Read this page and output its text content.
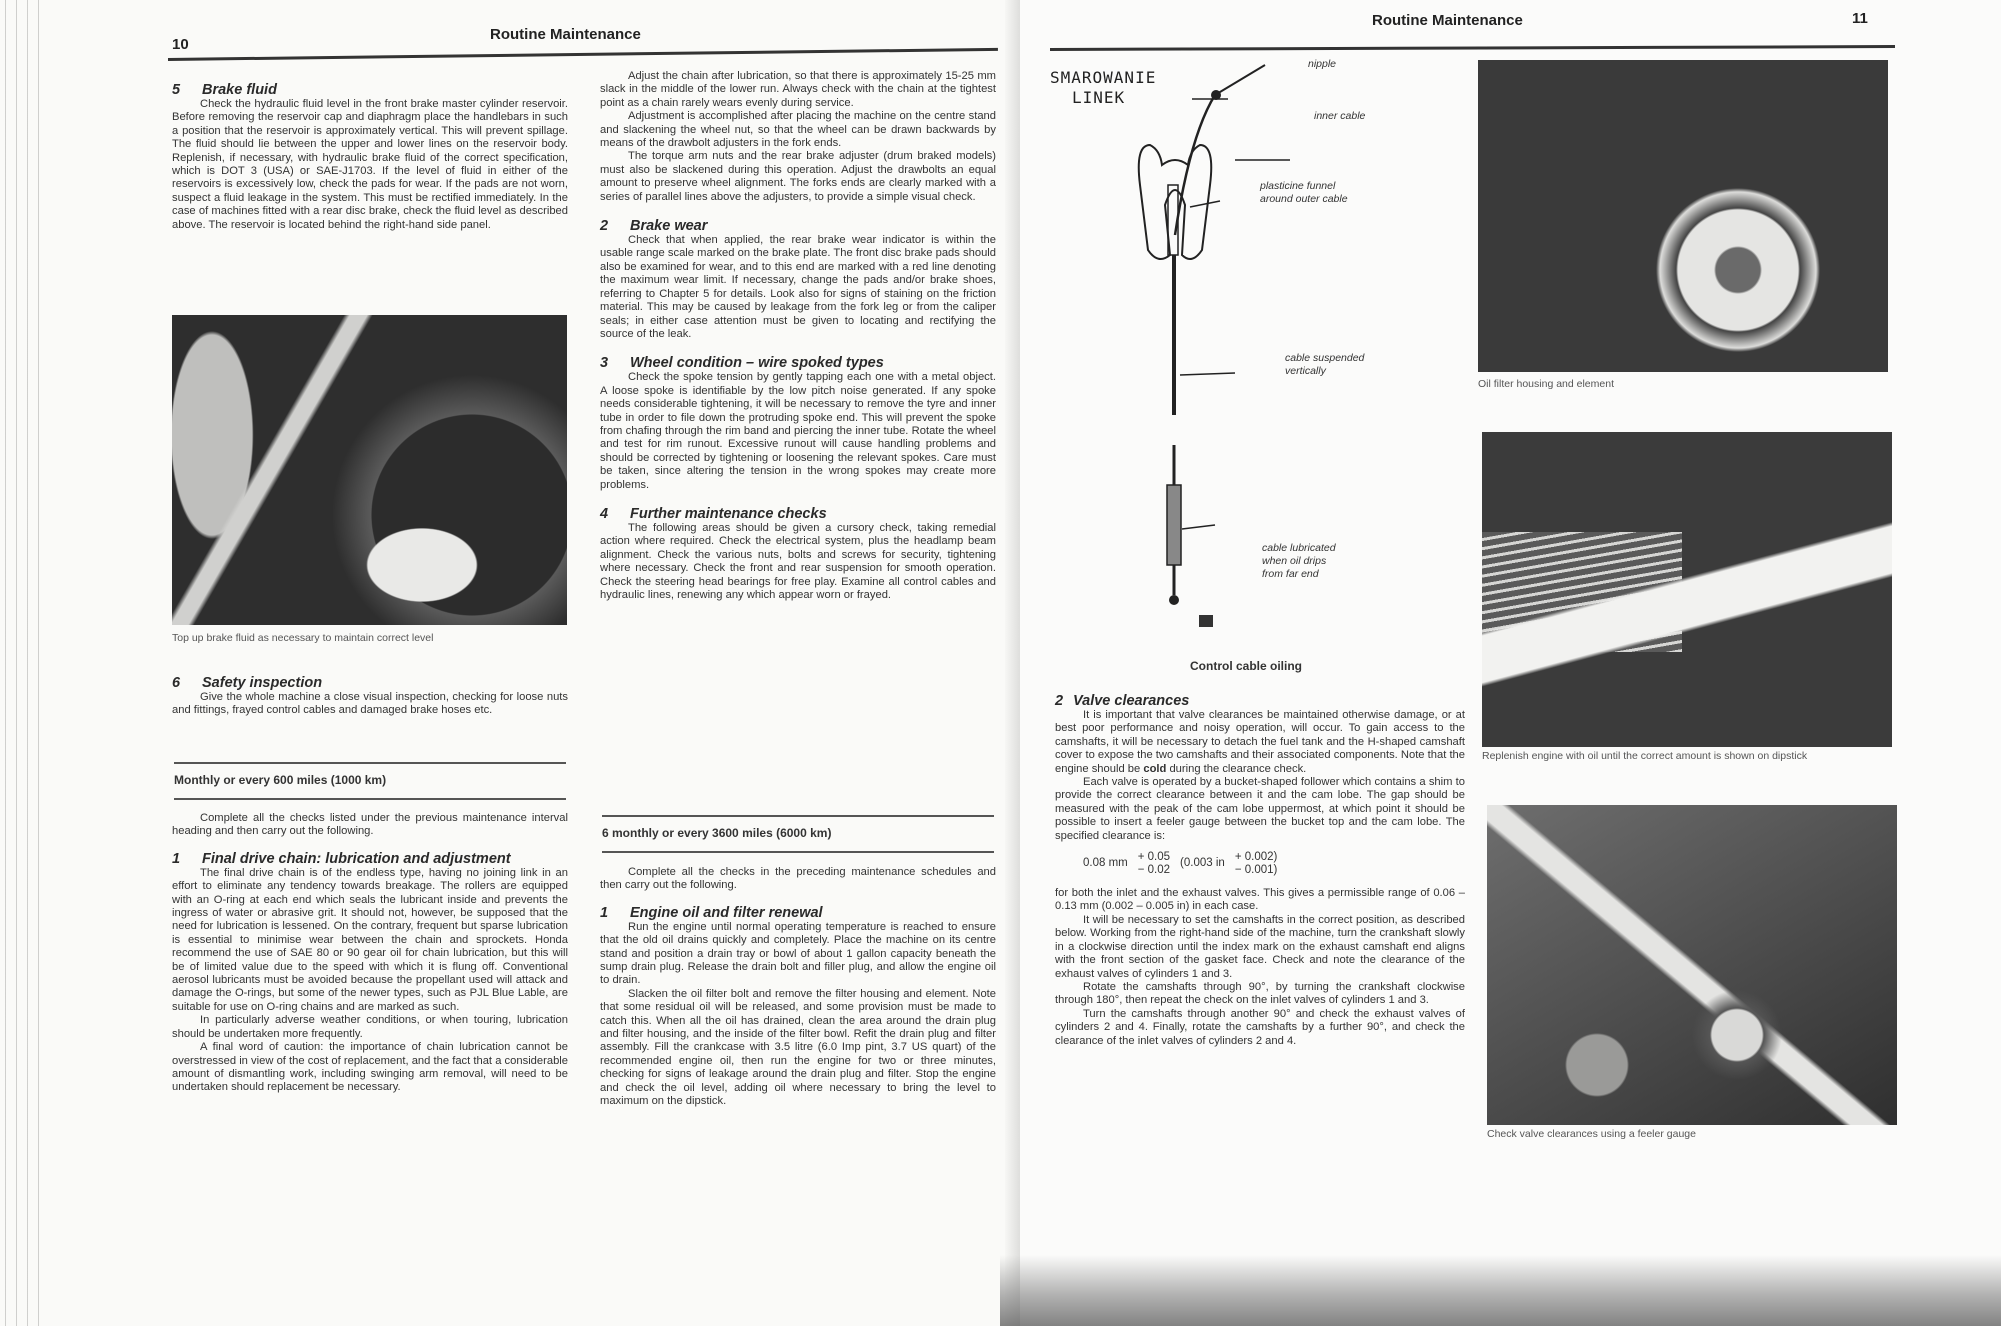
10
Routine Maintenance
5 Brake fluid

Check the hydraulic fluid level in the front brake master cylinder reservoir. Before removing the reservoir cap and diaphragm place the handlebars in such a position that the reservoir is approximately vertical. This will prevent spillage. The fluid should lie between the upper and lower lines on the reservoir body. Replenish, if necessary, with hydraulic brake fluid of the correct specification, which is DOT 3 (USA) or SAE-J1703. If the level of fluid in either of the reservoirs is excessively low, check the pads for wear. If the pads are not worn, suspect a fluid leakage in the system. This must be rectified immediately. In the case of machines fitted with a rear disc brake, check the fluid level as described above. The reservoir is located behind the right-hand side panel.

Top up brake fluid as necessary to maintain correct level
6 Safety inspection

Give the whole machine a close visual inspection, checking for loose nuts and fittings, frayed control cables and damaged brake hoses etc.

Monthly or every 600 miles (1000 km)

Complete all the checks listed under the previous maintenance interval heading and then carry out the following.

1 Final drive chain: lubrication and adjustment

The final drive chain is of the endless type, having no joining link in an effort to eliminate any tendency towards breakage. The rollers are equipped with an O-ring at each end which seals the lubricant inside and prevents the ingress of water or abrasive grit. It should not, however, be supposed that the need for lubrication is lessened. On the contrary, frequent but sparse lubrication is essential to minimise wear between the chain and sprockets. Honda recommend the use of SAE 80 or 90 gear oil for chain lubrication, but this will be of limited value due to the speed with which it is flung off. Conventional aerosol lubricants must be avoided because the propellant used will attack and damage the O-rings, but some of the newer types, such as PJL Blue Lable, are suitable for use on O-ring chains and are marked as such.

In particularly adverse weather conditions, or when touring, lubrication should be undertaken more frequently.

A final word of caution: the importance of chain lubrication cannot be overstressed in view of the cost of replacement, and the fact that a considerable amount of dismantling work, including swinging arm removal, will need to be undertaken should replacement be necessary.

Adjust the chain after lubrication, so that there is approximately 15-25 mm slack in the middle of the lower run. Always check with the chain at the tightest point as a chain rarely wears evenly during service.

Adjustment is accomplished after placing the machine on the centre stand and slackening the wheel nut, so that the wheel can be drawn backwards by means of the drawbolt adjusters in the fork ends.

The torque arm nuts and the rear brake adjuster (drum braked models) must also be slackened during this operation. Adjust the drawbolts an equal amount to preserve wheel alignment. The forks ends are clearly marked with a series of parallel lines above the adjusters, to provide a simple visual check.

2 Brake wear

Check that when applied, the rear brake wear indicator is within the usable range scale marked on the brake plate. The front disc brake pads should also be examined for wear, and to this end are marked with a red line denoting the maximum wear limit. If necessary, change the pads and/or brake shoes, referring to Chapter 5 for details. Look also for signs of staining on the friction material. This may be caused by leakage from the fork leg or from the caliper seals; in either case attention must be given to locating and rectifying the source of the leak.

3 Wheel condition – wire spoked types

Check the spoke tension by gently tapping each one with a metal object. A loose spoke is identifiable by the low pitch noise generated. If any spoke needs considerable tightening, it will be necessary to remove the tyre and inner tube in order to file down the protruding spoke end. This will prevent the spoke from chafing through the rim band and piercing the inner tube. Rotate the wheel and test for rim runout. Excessive runout will cause handling problems and should be corrected by tightening or loosening the relevant spokes. Care must be taken, since altering the tension in the wrong spokes may create more problems.

4 Further maintenance checks

The following areas should be given a cursory check, taking remedial action where required. Check the electrical system, plus the headlamp beam alignment. Check the various nuts, bolts and screws for security, tightening where necessary. Check the front and rear suspension for smooth operation. Check the steering head bearings for free play. Examine all control cables and hydraulic lines, renewing any which appear worn or frayed.

6 monthly or every 3600 miles (6000 km)

Complete all the checks in the preceding maintenance schedules and then carry out the following.

1 Engine oil and filter renewal

Run the engine until normal operating temperature is reached to ensure that the old oil drains quickly and completely. Place the machine on its centre stand and position a drain tray or bowl of about 1 gallon capacity beneath the sump drain plug. Release the drain bolt and filler plug, and allow the engine oil to drain.

Slacken the oil filter bolt and remove the filter housing and element. Note that some residual oil will be released, and some provision must be made to catch this. When all the oil has drained, clean the area around the drain plug and filter housing, and the inside of the filter bowl. Refit the drain plug and filter assembly. Fill the crankcase with 3.5 litre (6.0 Imp pint, 3.7 US quart) of the recommended engine oil, then run the engine for two or three minutes, checking for signs of leakage around the drain plug and filter. Stop the engine and check the oil level, adding oil where necessary to bring the level to maximum on the dipstick.

Routine Maintenance	11
SMAROWANIE
LINEK
nipple
inner cable
plasticine funnel
around outer cable
cable suspended
vertically
cable lubricated
when oil drips
from far end
Control cable oiling
2 Valve clearances

It is important that valve clearances be maintained otherwise damage, or at best poor performance and noisy operation, will occur. To gain access to the camshafts, it will be necessary to detach the fuel tank and the H-shaped camshaft cover to expose the two camshafts and their associated components. Note that the engine should be cold during the clearance check.

Each valve is operated by a bucket-shaped follower which contains a shim to provide the correct clearance between it and the cam lobe. The gap should be measured with the peak of the cam lobe uppermost, at which point it should be possible to insert a feeler gauge between the bucket top and the cam lobe. The specified clearance is:

0.08 mm
+ 0.05
− 0.02
(0.003 in
+ 0.002)
− 0.001)

for both the inlet and the exhaust valves. This gives a permissible range of 0.06 – 0.13 mm (0.002 – 0.005 in) in each case.

It will be necessary to set the camshafts in the correct position, as described below. Working from the right-hand side of the machine, turn the crankshaft slowly in a clockwise direction until the index mark on the exhaust camshaft end aligns with the front section of the gasket face. Check and note the clearance of the exhaust valves of cylinders 1 and 3.

Rotate the camshafts through 90°, by turning the crankshaft clockwise through 180°, then repeat the check on the inlet valves of cylinders 1 and 3.

Turn the camshafts through another 90° and check the exhaust valves of cylinders 2 and 4. Finally, rotate the camshafts by a further 90°, and check the clearance of the inlet valves of cylinders 2 and 4.

Oil filter housing and element
Replenish engine with oil until the correct amount is shown on dipstick
Check valve clearances using a feeler gauge
